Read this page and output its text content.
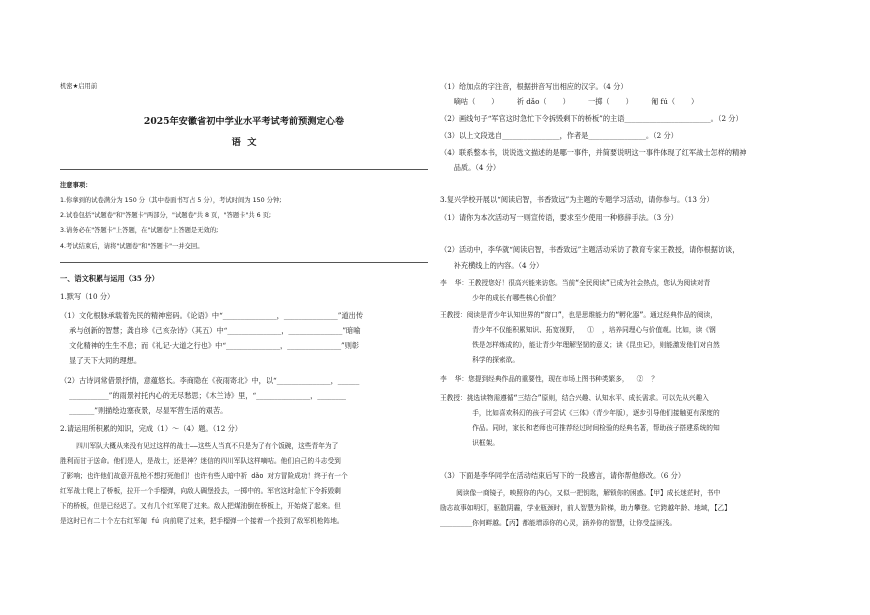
机密★启用前
2025年安徽省初中学业水平考试考前预测定心卷
语  文
注意事项：
1.你拿到的试卷满分为 150 分（其中卷面书写占 5 分），考试时间为 150 分钟;
2.试卷包括"试题卷"和"答题卡"两部分，"试题卷"共 8 页，"答题卡"共 6 页;
3.请务必在"答题卡"上答题，在"试题卷"上答题是无效的;
4.考试结束后，请将"试题卷"和"答题卡"一并交回。
一、语文积累与运用（35 分）
1.默写（10 分）
（1）文化根脉承载着先民的精神密码。《论语》中“_______________，_______________”道出传
承与创新的智慧；龚自珍《己亥杂诗》（其五）中“_______________，_______________”暗喻
文化精神的生生不息；而《礼记·大道之行也》中“_______________，_______________”则彰
显了天下大同的理想。
（2）古诗词常借景抒情，意蕴悠长。李商隐在《夜雨寄北》中，以“_______________，______
___________”的雨景衬托内心的无尽愁思；《木兰诗》里，“_______________，________
_______”则描绘边塞夜景，尽显军营生活的艰苦。
2.请运用所积累的知识，完成（1）～（4）题。（12 分）
四川军队大概从来没有见过这样的战士——这些人当真不只是为了有个饭碗，这些青年为了
胜利而甘于送命。他们是人，是战士，还是神？迷信的四川军队这样嘀咕。他们自己的斗志受到
了影响；也许他们故意开乱枪不想打死他们！也许有些人暗中祈 dǎo 对方冒险成功！终于有一个
红军战士爬上了桥板，拉开一个手榴弹，向敌人碉堡投去，一掷中的。军官这时急忙下令拆毁剩
下的桥板，但是已经迟了。又有几个红军爬了过来。敌人把煤油倒在桥板上，开始烧了起来。但
是这时已有二十个左右红军匍 fú 向前爬了过来，把手榴弹一个接着一个投到了敌军机枪阵地。
（1）给加点的字注音，根据拼音写出相应的汉字。（4 分）
嘀咕（       ）        祈 dǎo（       ）        一掷（       ）        匍 fú（       ）
（2）画线句子“军官这时急忙下令拆毁剩下的桥板”的主语________________________。（2 分）
（3）以上文段选自________________，作者是________________。（2 分）
（4）联系整本书，说说选文描述的是哪一事件，并简要说明这一事件体现了红军战士怎样的精神
品质。（4 分）
3.复兴学校开展以“阅读启智，书香致远”为主题的专题学习活动，请你参与。（13 分）
（1）请你为本次活动写一则宣传语，要求至少使用一种修辞手法。（3 分）
（2）活动中，李华就“阅读启智，书香致远”主题活动采访了教育专家王教授，请你根据访谈，
补充横线上的内容。（4 分）
李  华：王教授您好！很高兴能来访您。当前“全民阅读”已成为社会热点，您认为阅读对青
少年的成长有哪些核心价值？
王教授：阅读是青少年认知世界的“窗口”，也是思维能力的“孵化器”。通过经典作品的阅读，
青少年不仅能积累知识、拓宽视野，  ①  ，培养同理心与价值观。比如，读《钢
铁是怎样炼成的》，能让青少年理解坚韧的意义；读《昆虫记》，则能激发他们对自然
科学的探索欲。
李  华：您提到经典作品的重要性，现在市场上图书种类繁多，  ②  ？
王教授：挑选读物需遵循“三结合”原则，结合兴趣、认知水平、成长需求。可以先从兴趣入
手，比如喜欢科幻的孩子可尝试《三体》（青少年版），逐步引导他们接触更有深度的
作品。同时，家长和老师也可推荐经过时间检验的经典名著，帮助孩子搭建系统的知
识框架。
（3）下面是李华同学在活动结束后写下的一段感言，请你帮他修改。（6 分）
阅读像一商镜子，映照你的内心，又似一把钥匙，解锁你的困惑。【甲】成长迷茫时，书中
励志故事如明灯，驱散阴霾，学业瓶颈时，前人智慧为阶梯，助力攀登。它跨越年龄、地域，【乙】
________你何畔越。【丙】都能增添你的心灵，涵养你的智慧，让你受益匪浅。
